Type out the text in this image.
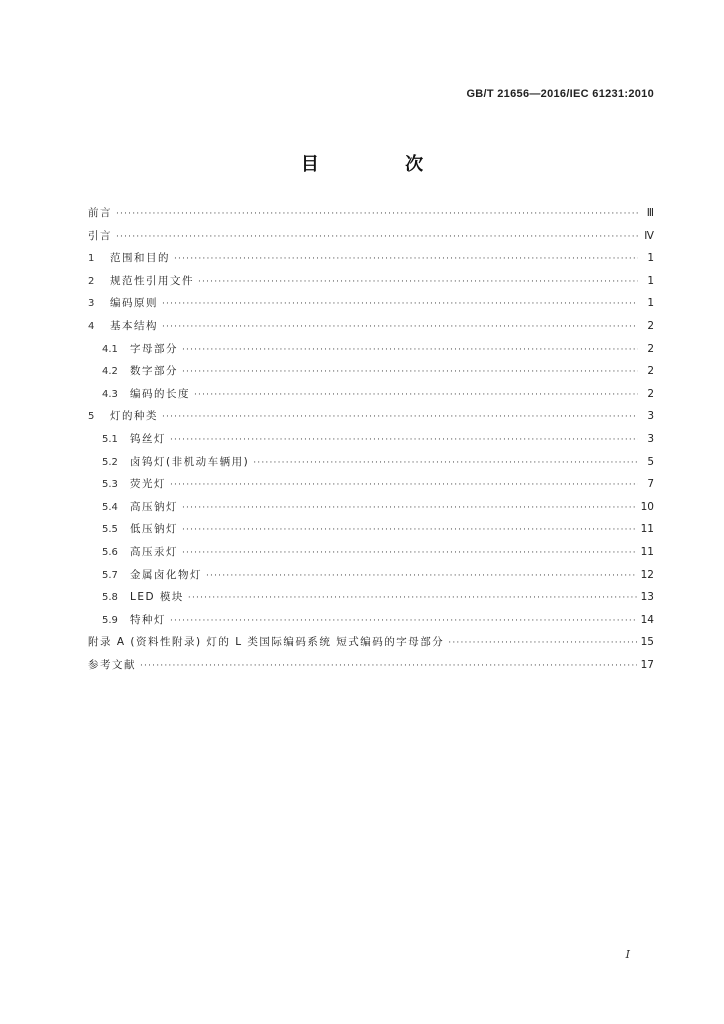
GB/T 21656—2016/IEC 61231:2010
目 次
前言 ·····	Ⅲ
引言 ·····	Ⅳ
1	范围和目的 ·····	1
2	规范性引用文件 ·····	1
3	编码原则 ·····	1
4	基本结构 ·····	2
4.1	字母部分 ·····	2
4.2	数字部分 ·····	2
4.3	编码的长度 ·····	2
5	灯的种类 ·····	3
5.1	钨丝灯 ·····	3
5.2	卤钨灯(非机动车辆用) ·····	5
5.3	荧光灯 ·····	7
5.4	高压钠灯 ·····	10
5.5	低压钠灯 ·····	11
5.6	高压汞灯 ·····	11
5.7	金属卤化物灯 ·····	12
5.8	LED 模块 ·····	13
5.9	特种灯 ·····	14
附录 A (资料性附录) 灯的 L 类国际编码系统 短式编码的字母部分 ·····	15
参考文献 ·····	17
I
